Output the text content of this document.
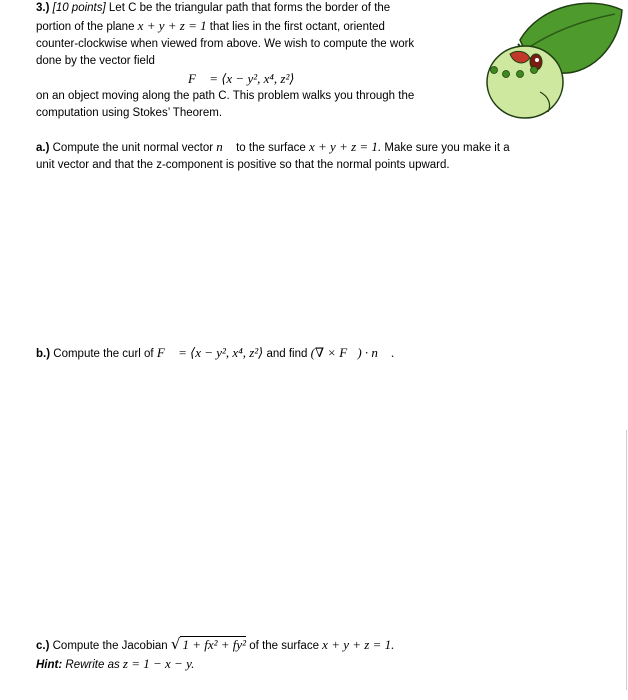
3.) [10 points] Let C be the triangular path that forms the border of the
portion of the plane x + y + z = 1 that lies in the first octant, oriented
counter-clockwise when viewed from above. We wish to compute the work
done by the vector field
F⃗ = ⟨x − y², x⁴, z²⟩
on an object moving along the path C. This problem walks you through the
computation using Stokes’ Theorem.
a.) Compute the unit normal vector n⃗ to the surface x + y + z = 1. Make sure you make it a
unit vector and that the z-component is positive so that the normal points upward.
b.) Compute the curl of F⃗ = ⟨x − y², x⁴, z²⟩ and find (∇ × F⃗) · n⃗ .
c.) Compute the Jacobian √ 1 + fx² + fy² of the surface x + y + z = 1.
Hint: Rewrite as z = 1 − x − y.
